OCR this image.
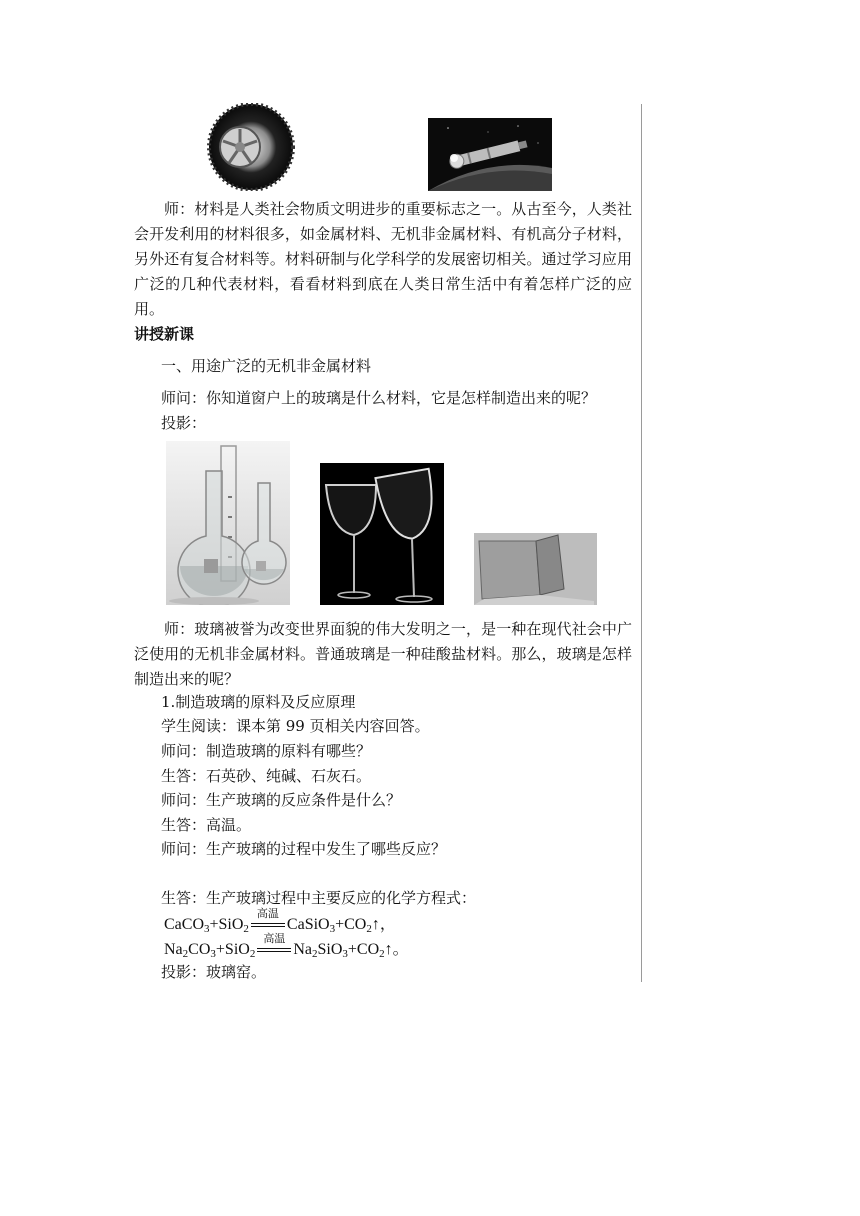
师：材料是人类社会物质文明进步的重要标志之一。从古至今，人类社会开发利用的材料很多，如金属材料、无机非金属材料、有机高分子材料，另外还有复合材料等。材料研制与化学科学的发展密切相关。通过学习应用广泛的几种代表材料，看看材料到底在人类日常生活中有着怎样广泛的应用。

讲授新课
一、用途广泛的无机非金属材料
师问：你知道窗户上的玻璃是什么材料，它是怎样制造出来的呢？
投影：

师：玻璃被誉为改变世界面貌的伟大发明之一，是一种在现代社会中广泛使用的无机非金属材料。普通玻璃是一种硅酸盐材料。那么，玻璃是怎样制造出来的呢？

1.制造玻璃的原料及反应原理
学生阅读：课本第 99 页相关内容回答。
师问：制造玻璃的原料有哪些？
生答：石英砂、纯碱、石灰石。
师问：生产玻璃的反应条件是什么？
生答：高温。
师问：生产玻璃的过程中发生了哪些反应？
生答：生产玻璃过程中主要反应的化学方程式：
CaCO$_3$+SiO$_2$
高温
$CaSiO_3+CO_2↑$，
$Na_2CO_3+SiO_2$
高温
$Na_2SiO_3+CO_2↑$。
投影：玻璃窑。
